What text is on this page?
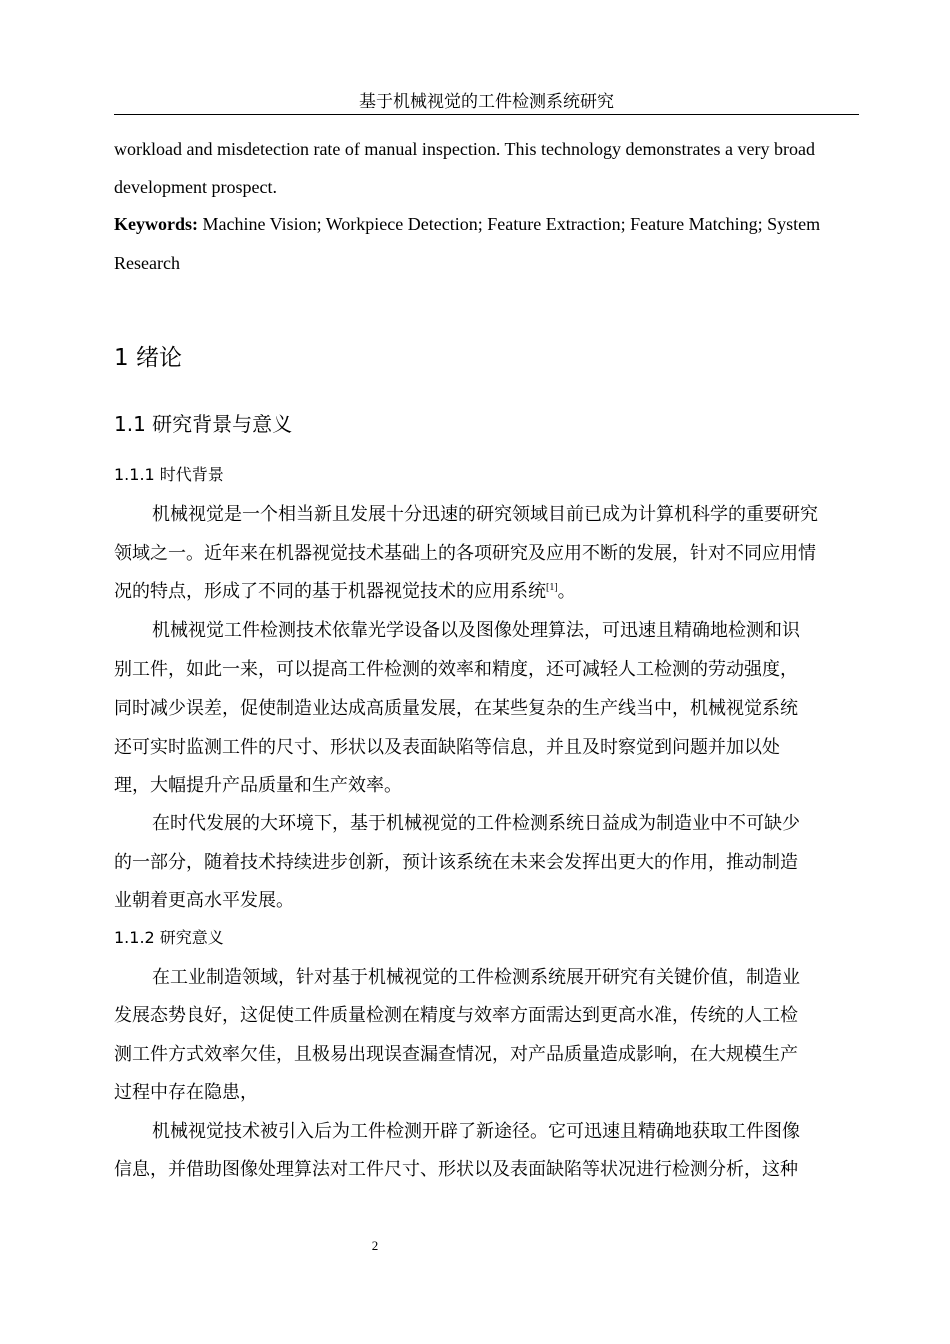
基于机械视觉的工件检测系统研究
workload and misdetection rate of manual inspection. This technology demonstrates a very broad
development prospect.
Keywords: Machine Vision; Workpiece Detection; Feature Extraction; Feature Matching; System
Research
1 绪论
1.1 研究背景与意义
1.1.1 时代背景
机械视觉是一个相当新且发展十分迅速的研究领域目前已成为计算机科学的重要研究
领域之一。近年来在机器视觉技术基础上的各项研究及应用不断的发展，针对不同应用情
况的特点，形成了不同的基于机器视觉技术的应用系统[1]。
机械视觉工件检测技术依靠光学设备以及图像处理算法，可迅速且精确地检测和识
别工件，如此一来，可以提高工件检测的效率和精度，还可减轻人工检测的劳动强度，
同时减少误差，促使制造业达成高质量发展，在某些复杂的生产线当中，机械视觉系统
还可实时监测工件的尺寸、形状以及表面缺陷等信息，并且及时察觉到问题并加以处
理，大幅提升产品质量和生产效率。
在时代发展的大环境下，基于机械视觉的工件检测系统日益成为制造业中不可缺少
的一部分，随着技术持续进步创新，预计该系统在未来会发挥出更大的作用，推动制造
业朝着更高水平发展。
1.1.2 研究意义
在工业制造领域，针对基于机械视觉的工件检测系统展开研究有关键价值，制造业
发展态势良好，这促使工件质量检测在精度与效率方面需达到更高水准，传统的人工检
测工件方式效率欠佳，且极易出现误查漏查情况，对产品质量造成影响，在大规模生产
过程中存在隐患，
机械视觉技术被引入后为工件检测开辟了新途径。它可迅速且精确地获取工件图像
信息，并借助图像处理算法对工件尺寸、形状以及表面缺陷等状况进行检测分析，这种
2
